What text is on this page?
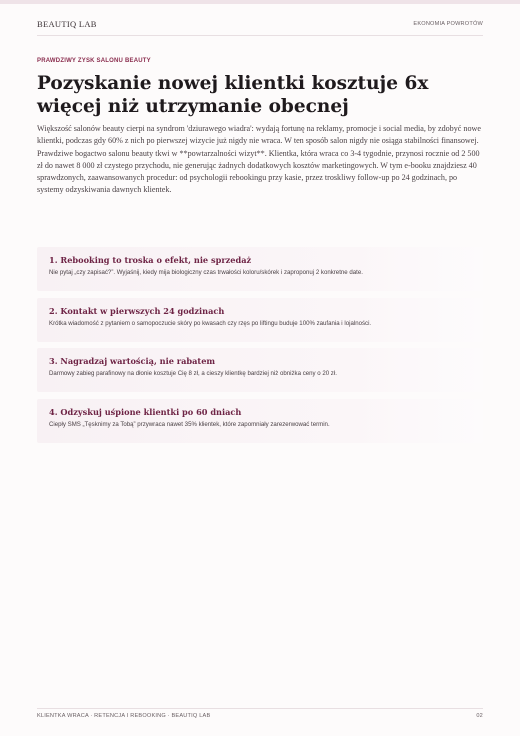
BEAUTIQ LAB	EKONOMIA POWROTÓW
PRAWDZIWY ZYSK SALONU BEAUTY
Pozyskanie nowej klientki kosztuje 6x więcej niż utrzymanie obecnej

Większość salonów beauty cierpi na syndrom 'dziurawego wiadra': wydają fortunę na reklamy, promocje i social media, by zdobyć nowe klientki, podczas gdy 60% z nich po pierwszej wizycie już nigdy nie wraca. W ten sposób salon nigdy nie osiąga stabilności finansowej. Prawdziwe bogactwo salonu beauty tkwi w **powtarzalności wizyt**. Klientka, która wraca co 3-4 tygodnie, przynosi rocznie od 2 500 zł do nawet 8 000 zł czystego przychodu, nie generując żadnych dodatkowych kosztów marketingowych. W tym e-booku znajdziesz 40 sprawdzonych, zaawansowanych procedur: od psychologii rebookingu przy kasie, przez troskliwy follow-up po 24 godzinach, po systemy odzyskiwania dawnych klientek.

1. Rebooking to troska o efekt, nie sprzedaż
Nie pytaj „czy zapisać?”. Wyjaśnij, kiedy mija biologiczny czas trwałości koloru/skórek i zaproponuj 2 konkretne date.
2. Kontakt w pierwszych 24 godzinach
Krótka wiadomość z pytaniem o samopoczucie skóry po kwasach czy rzęs po liftingu buduje 100% zaufania i lojalności.
3. Nagradzaj wartością, nie rabatem
Darmowy zabieg parafinowy na dłonie kosztuje Cię 8 zł, a cieszy klientkę bardziej niż obniżka ceny o 20 zł.
4. Odzyskuj uśpione klientki po 60 dniach
Ciepły SMS „Tęsknimy za Tobą” przywraca nawet 35% klientek, które zapomniały zarezerwować termin.
KLIENTKA WRACA · RETENCJA I REBOOKING · BEAUTIQ LAB	02
